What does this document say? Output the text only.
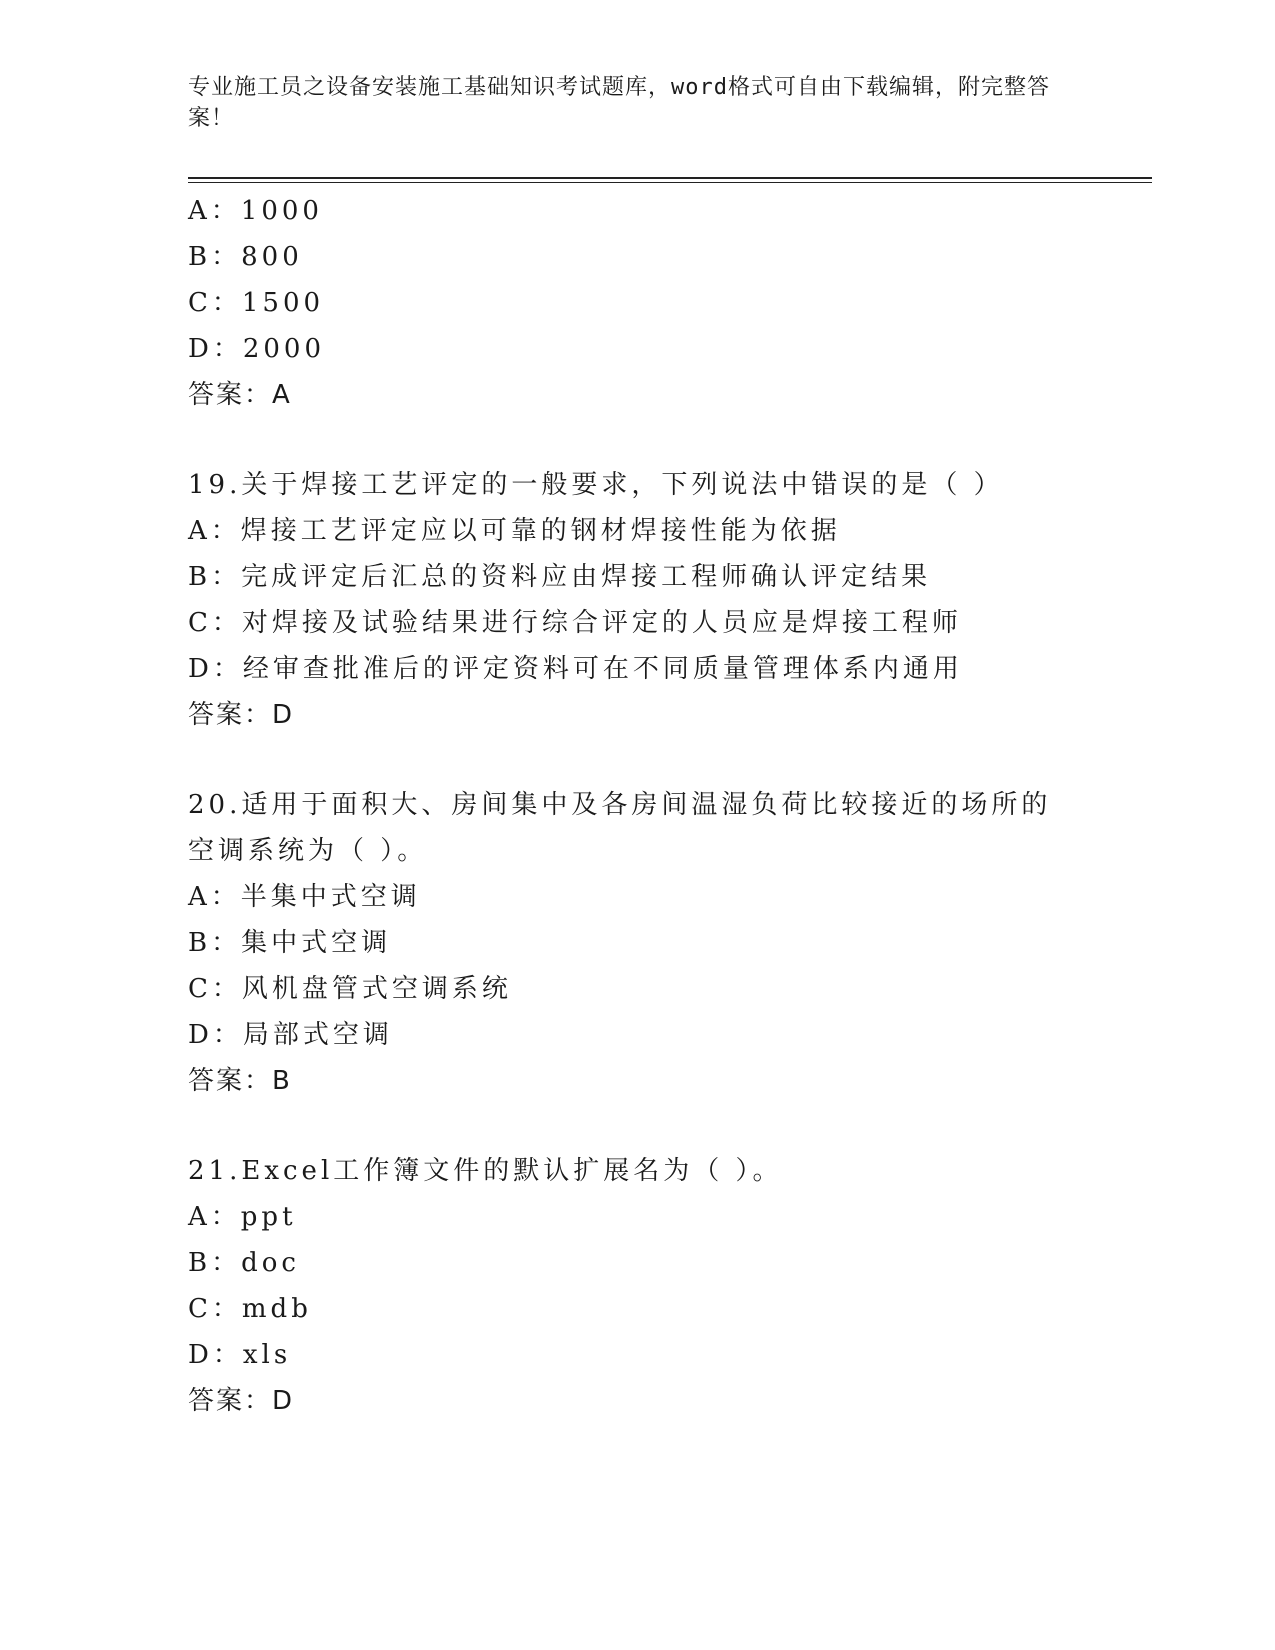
专业施工员之设备安装施工基础知识考试题库，word格式可自由下载编辑，附完整答案！
A：1000
B：800
C：1500
D：2000
答案：A
19.关于焊接工艺评定的一般要求，下列说法中错误的是（ ）
A：焊接工艺评定应以可靠的钢材焊接性能为依据
B：完成评定后汇总的资料应由焊接工程师确认评定结果
C：对焊接及试验结果进行综合评定的人员应是焊接工程师
D：经审查批准后的评定资料可在不同质量管理体系内通用
答案：D
20.适用于面积大、房间集中及各房间温湿负荷比较接近的场所的空调系统为（ ）。
A：半集中式空调
B：集中式空调
C：风机盘管式空调系统
D：局部式空调
答案：B
21.Excel工作簿文件的默认扩展名为（ ）。
A：ppt
B：doc
C：mdb
D：xls
答案：D
